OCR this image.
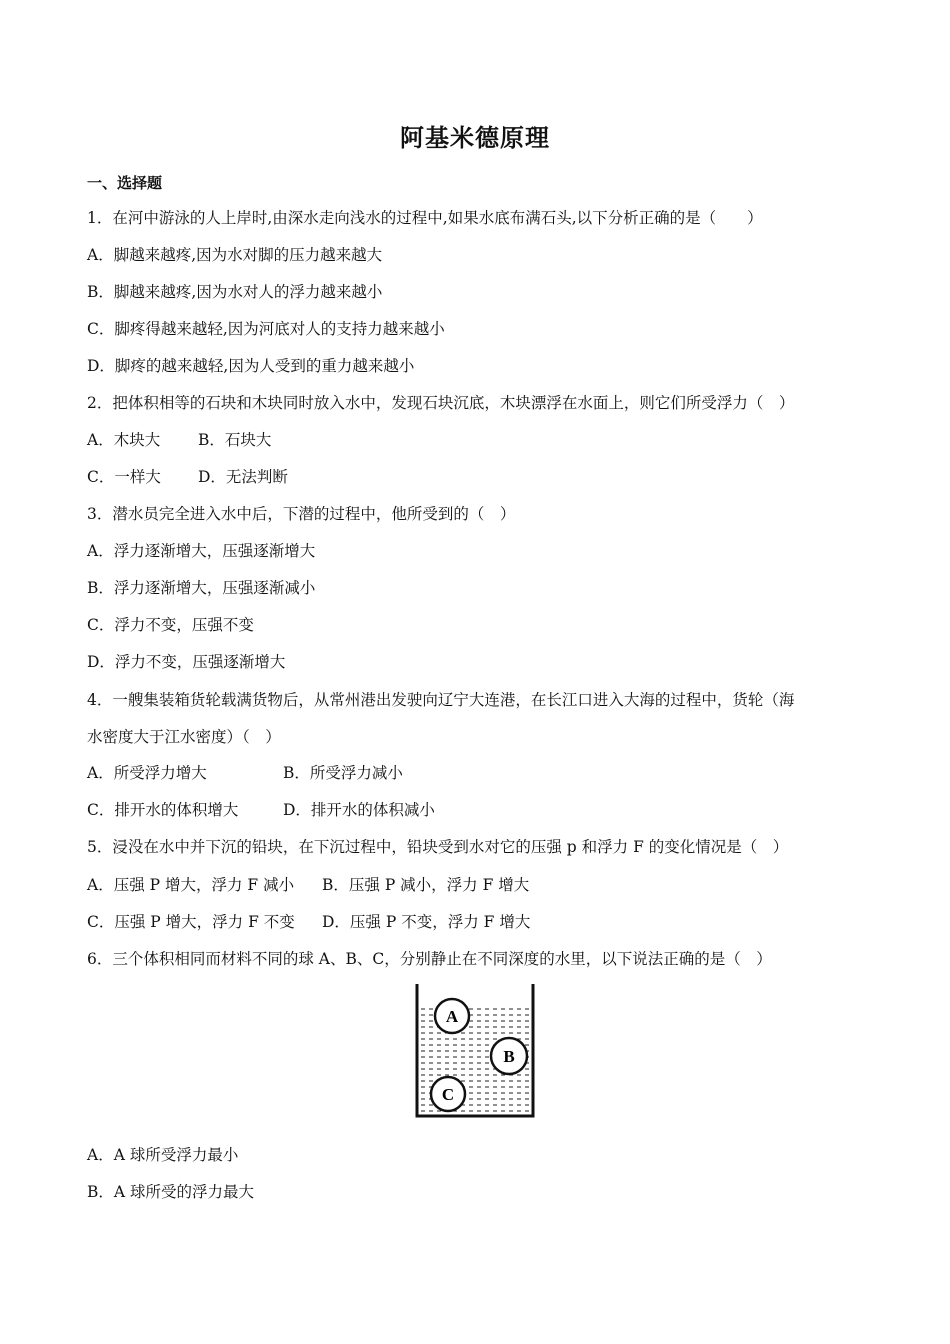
阿基米德原理
一、选择题
1．在河中游泳的人上岸时,由深水走向浅水的过程中,如果水底布满石头,以下分析正确的是（　　）
A．脚越来越疼,因为水对脚的压力越来越大
B．脚越来越疼,因为水对人的浮力越来越小
C．脚疼得越来越轻,因为河底对人的支持力越来越小
D．脚疼的越来越轻,因为人受到的重力越来越小
2．把体积相等的石块和木块同时放入水中，发现石块沉底，木块漂浮在水面上，则它们所受浮力（　）
A．木块大 B．石块大
C．一样大 D．无法判断
3．潜水员完全进入水中后，下潜的过程中，他所受到的（　）
A．浮力逐渐增大，压强逐渐增大
B．浮力逐渐增大，压强逐渐减小
C．浮力不变，压强不变
D．浮力不变，压强逐渐增大
4．一艘集装箱货轮载满货物后，从常州港出发驶向辽宁大连港，在长江口进入大海的过程中，货轮（海
水密度大于江水密度）（　）
A．所受浮力增大	B．所受浮力减小
C．排开水的体积增大	D．排开水的体积减小
5．浸没在水中并下沉的铅块，在下沉过程中，铅块受到水对它的压强 p 和浮力 F 的变化情况是（　）
A．压强 P 增大，浮力 F 减小 B．压强 P 减小，浮力 F 增大
C．压强 P 增大，浮力 F 不变 D．压强 P 不变，浮力 F 增大
6．三个体积相同而材料不同的球 A、B、C，分别静止在不同深度的水里，以下说法正确的是（　）
A
B
C
A．A 球所受浮力最小
B．A 球所受的浮力最大
